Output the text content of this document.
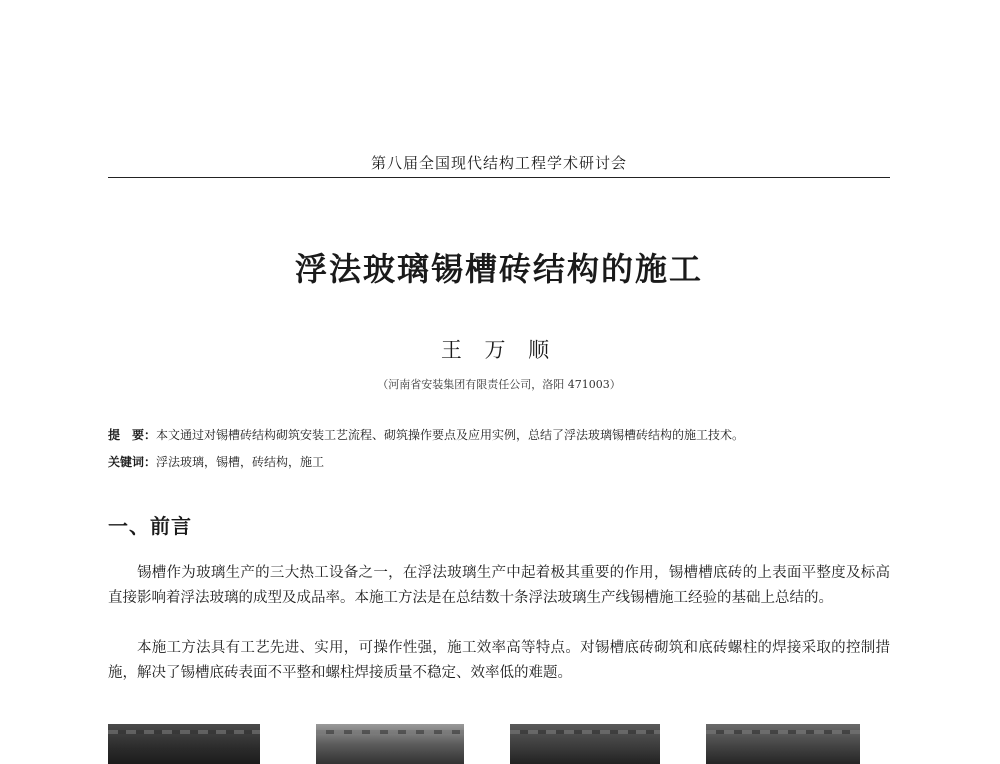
第八届全国现代结构工程学术研讨会
浮法玻璃锡槽砖结构的施工
王 万 顺
（河南省安装集团有限责任公司，洛阳 471003）
提　要：本文通过对锡槽砖结构砌筑安装工艺流程、砌筑操作要点及应用实例，总结了浮法玻璃锡槽砖结构的施工技术。
关键词：浮法玻璃，锡槽，砖结构，施工
一、前言

锡槽作为玻璃生产的三大热工设备之一，在浮法玻璃生产中起着极其重要的作用，锡槽槽底砖的上表面平整度及标高直接影响着浮法玻璃的成型及成品率。本施工方法是在总结数十条浮法玻璃生产线锡槽施工经验的基础上总结的。

本施工方法具有工艺先进、实用，可操作性强，施工效率高等特点。对锡槽底砖砌筑和底砖螺柱的焊接采取的控制措施，解决了锡槽底砖表面不平整和螺柱焊接质量不稳定、效率低的难题。
